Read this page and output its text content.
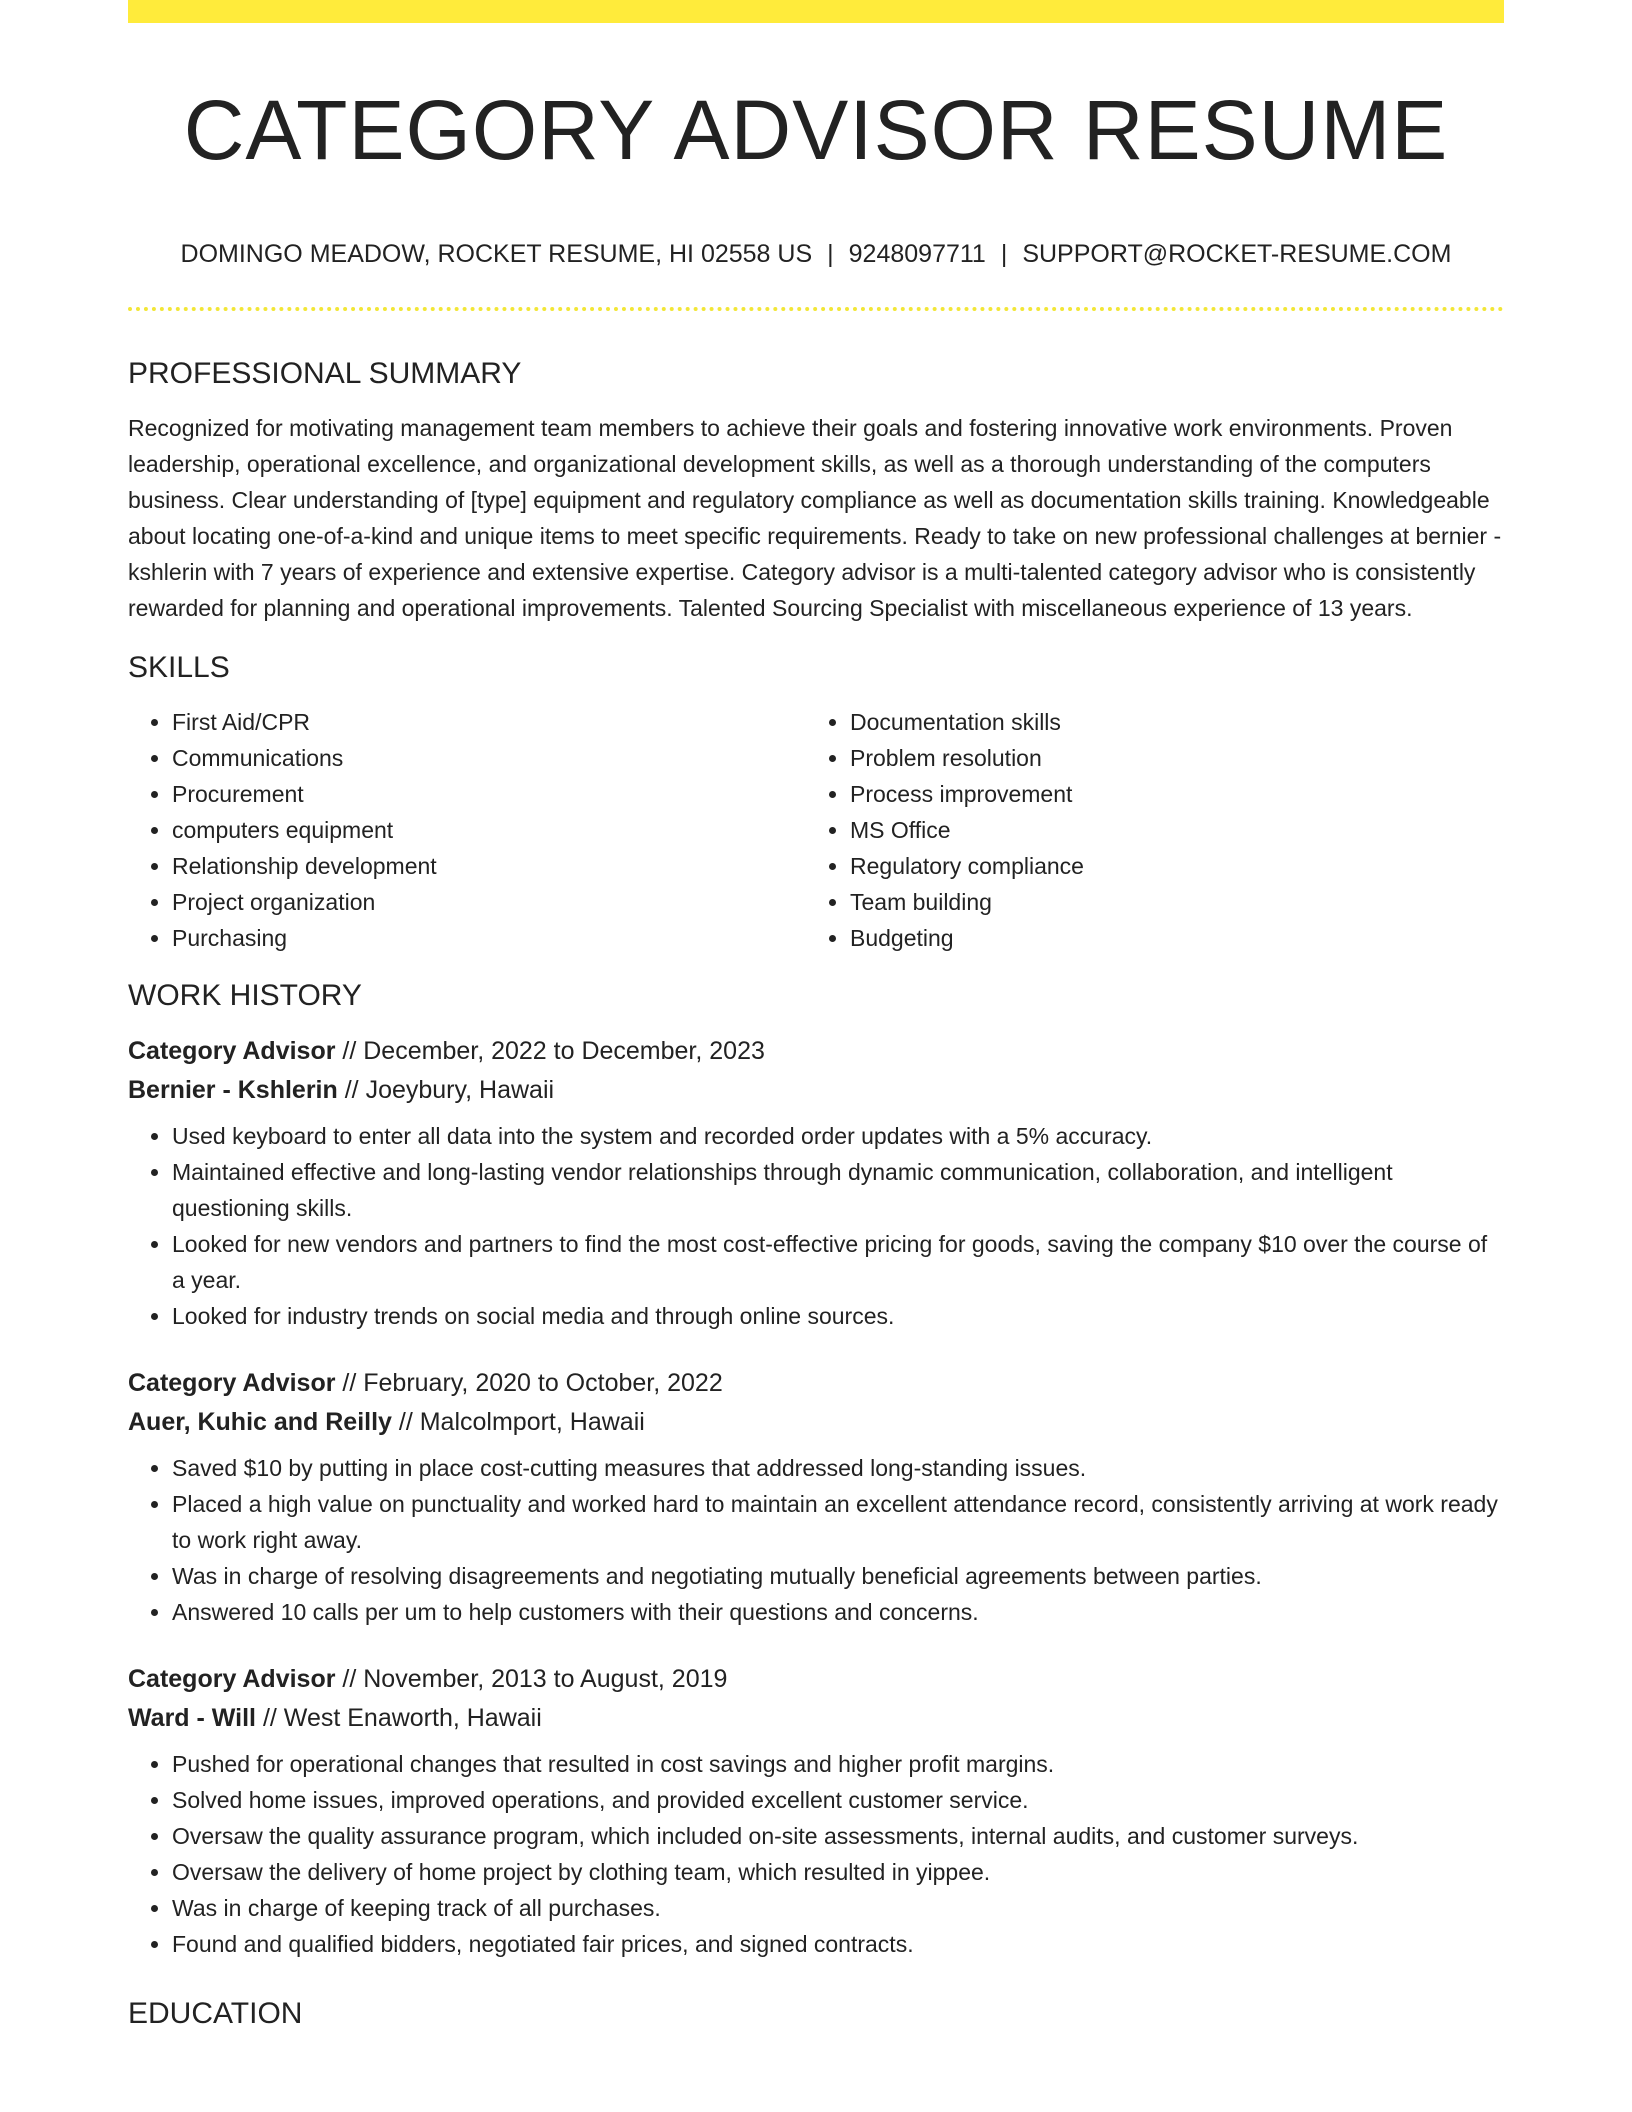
CATEGORY ADVISOR RESUME
DOMINGO MEADOW, ROCKET RESUME, HI 02558 US | 9248097711 | SUPPORT@ROCKET-RESUME.COM
PROFESSIONAL SUMMARY

Recognized for motivating management team members to achieve their goals and fostering innovative work environments. Proven leadership, operational excellence, and organizational development skills, as well as a thorough understanding of the computers business. Clear understanding of [type] equipment and regulatory compliance as well as documentation skills training. Knowledgeable about locating one-of-a-kind and unique items to meet specific requirements. Ready to take on new professional challenges at bernier - kshlerin with 7 years of experience and extensive expertise. Category advisor is a multi-talented category advisor who is consistently rewarded for planning and operational improvements. Talented Sourcing Specialist with miscellaneous experience of 13 years.

SKILLS
• First Aid/CPR
• Communications
• Procurement
• computers equipment
• Relationship development
• Project organization
• Purchasing
• Documentation skills
• Problem resolution
• Process improvement
• MS Office
• Regulatory compliance
• Team building
• Budgeting
WORK HISTORY
Category Advisor // December, 2022 to December, 2023
Bernier - Kshlerin // Joeybury, Hawaii
• Used keyboard to enter all data into the system and recorded order updates with a 5% accuracy.
• Maintained effective and long-lasting vendor relationships through dynamic communication, collaboration, and intelligent questioning skills.
• Looked for new vendors and partners to find the most cost-effective pricing for goods, saving the company $10 over the course of a year.
• Looked for industry trends on social media and through online sources.
Category Advisor // February, 2020 to October, 2022
Auer, Kuhic and Reilly // Malcolmport, Hawaii
• Saved $10 by putting in place cost-cutting measures that addressed long-standing issues.
• Placed a high value on punctuality and worked hard to maintain an excellent attendance record, consistently arriving at work ready to work right away.
• Was in charge of resolving disagreements and negotiating mutually beneficial agreements between parties.
• Answered 10 calls per um to help customers with their questions and concerns.
Category Advisor // November, 2013 to August, 2019
Ward - Will // West Enaworth, Hawaii
• Pushed for operational changes that resulted in cost savings and higher profit margins.
• Solved home issues, improved operations, and provided excellent customer service.
• Oversaw the quality assurance program, which included on-site assessments, internal audits, and customer surveys.
• Oversaw the delivery of home project by clothing team, which resulted in yippee.
• Was in charge of keeping track of all purchases.
• Found and qualified bidders, negotiated fair prices, and signed contracts.
EDUCATION
